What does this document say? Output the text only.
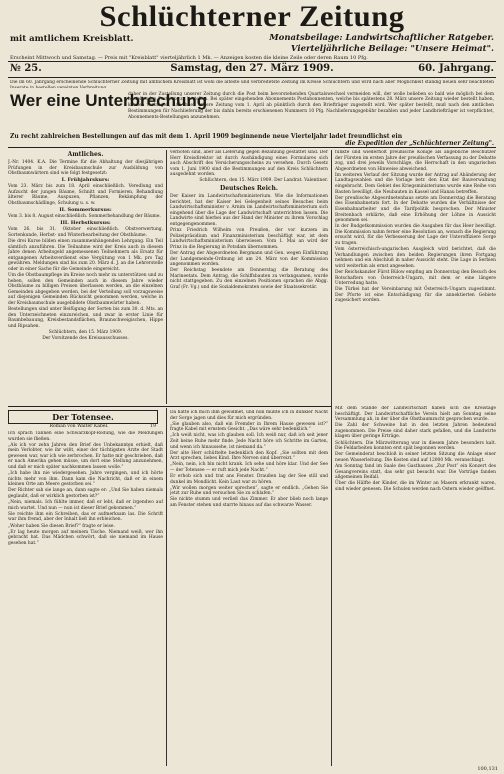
Schlüchterner Zeitung
mit amtlichem Kreisblatt.	Monatsbeilage: Landwirtschaftlicher Ratgeber.
Vierteljährliche Beilage: "Unsere Heimat".
Erscheint Mittwoch und Samstag. — Preis mit "Kreisblatt" vierteljährlich 1 Mk. — Anzeigen kosten die kleine Zeile oder deren Raum 10 Pfg.
№ 25.	Samstag, den 27. März 1909.	60. Jahrgang.

Die im 60. Jahrgang erscheinende Schlüchterner Zeitung mit amtlichem Kreisblatt ist wohl die älteste und verbreitetste Zeitung im Kreise Schlüchtern und wird nach aller Möglichkeit ständig neuen sehr beachteten

daher in der Zustellung unserer Zeitung durch die Post beim bevorstehenden Quartalswechsel vermeiden will, der wolle belieben so bald wie möglich bei dem bestellenden Postamte zu bestellen. Bei später eingehenden Abonnements Postabonnenten, welche bis spätestens 28. März unsere Zeitung wieder bestellt haben, können verlangen, daß ihnen unsere Zeitung vom 1. April ab pünktlich durch den Briefträger zugestellt wird. Wer später bestellt, muß nach den amtlichen Bestimmungen für Nachlieferung der bis dahin bereits erschienenen Nummern 10 Pfg. Nachlieferungsgebühr bezahlen und jeder Landbriefträger ist verpflichtet, Abonnements-Bestellungen anzunehmen.

Wer eine Unterbrechung
Zu recht zahlreichen Bestellungen auf das mit dem 1. April 1909 beginnende neue Vierteljahr ladet freundlichst ein
die Expedition der „Schlüchterner Zeitung".
Amtliches.

J.-Nr. 1404. K.A. Die Termine für die Abhaltung der diesjährigen Prüfungen in der Kreisbaumschule zur Ausbildung von Obstbaumwärtern sind wie folgt festgesetzt:

I. Frühjahrskurs:

Vom 23. März bis zum 18. April einschließlich. Veredlung und Aufzucht der jungen Bäume, Schnitt und Formieren, Behandlung älterer Bäume, Auspuzen, Pflanzen, Bekämpfung der Obstbaumschädlinge, Schulung u. s. w.

II. Sommerkursus:

Vom 3. bis 8. August einschließlich. Sommerbehandlung der Bäume.

III. Herbstkursus:

Vom 26. bis 31. Oktober einschließlich. Obstverwertung, Sortenkunde, Herbst- und Winterbearbeitung der Obstbäume.

Die drei Kurse bilden einen zusammenhängenden Lehrgang. Ein Teil sämtlich anzuführen. Die Teilnahme wird der Kreis auch in diesem Jahre denen Arbeitsgeld angemessenen Teilnehmern als Ersatz für entgangenen Arbeitsverdienst eine Vergütung von 1 Mk. pro Tag gewähren. Meldungen sind bis zum 20. März d. J. an die Lehrerstelle oder in einer Sache für die Gemeinde eingereicht.

Um die Obstbaumpflege im Kreise noch mehr zu unterstützen und zu heben, sollen den Gemeinden auch in diesem Jahre wieder Obstbäume zu billigen Preisen überlassen werden, an die einzelnen Gemeinden abgegeben werden, bei der Verteilung soll vorzugsweise auf diejenigen Gemeinden Rücksicht genommen werden, welche in der Kreisbaumschule ausgebildete Obstbaumwärter haben.

Bestellungen sind unter Beifügung der Sorten bis zum 30. d. Mts. an den Unterzeichneten einzureichen, und zwar in erster Linie für Baumbebauung, Kreisbestandsflächen, Braunschweigischen, Hippe und Ripsahen.

Schlüchtern, den 15. März 1909.

Der Vorsitzende des Kreisausschusses.

verboten sind, aber als Lieferung gegen Bezahlung gestattet sind. Der Herr Kreisdirektor ist durch Aushändigung eines Formulares sich auch Abschrift des Versicherungsscheins zu versehen. Durch Gesetz vom 1. Juni 1900 sind die Bestimmungen auf den Kreis Schlüchtern ausgedehnt worden.

Schlüchtern, den 15. März 1909. Der Landrat. Valentiner.

Deutsches Reich.

Der Kaiser im Landwirtschaftsministerium. Wie die Informationen berichtet, hat der Kaiser bei Gelegenheit seines Besuches beim Landwirtschaftsminister v. Arnim im Landwirtschaftsministerium sich eingehend über die Lage der Landwirtschaft unterrichten lassen. Die Landwirte sind hierbei aus der Hand der Minister zu ihrem Vorschlag entgegengenommen.

Prinz Friedrich Wilhelm von Preußen, der vor kurzem im Polizeipräsidium und Finanzministerium beschäftigt war, ist dem Landwirtschaftsministerium überwiesen. Vom 1. Mai an wird der Prinz in die Regierung in Potsdam übernommen.

Der Antrag der Abgeordneten Bergmann und Gen. wegen Einführung der Landgemeinde-Ordnung ist am 24. März von der Kommission angenommen worden.

Der Reichstag beendete am Donnerstag die Beratung des Marineetats. Dem Antrag, die Schiffsbauten zu verlangsamen, wurde nicht stattgegeben. Zu den einzelnen Positionen sprachen die Abgg. Graf (Fr. Vg.) und die Sozialdemokraten sowie der Staatssekretär.

funkte und wiederholt preußische Könige als angebliche Beschützer der Fürsten im ersten Jahre der preußischen Verfassung zu der Debatte zog, und drei jeweils Vorschläge, die Herrschaft in den ungarischen Abgeordneten von Hinweise abweichend.

Im weiteren Verlauf der Sitzung wurde der Antrag auf Abänderung der Landtagswahlen und die Vorlage betr. den Etat der Bauverwaltung eingebracht. Dem Gebiet des Kriegsministeriums wurde eine Reihe von Bauten bewilligt, die Neubauten in Kassel und Hanau betreffen.

Der preußische Abgeordnetenhaus setzte am Donnerstag die Beratung des Eisenbahnetats fort. In der Debatte wurden die Verhältnisse der Eisenbahnarbeiter und die Tarifpolitik besprochen. Der Minister Breitenbach erklärte, daß eine Erhöhung der Löhne in Aussicht genommen sei.

In der Budgetkommission wurden die Ausgaben für das Heer bewilligt. Die Kommission nahm ferner eine Resolution an, wonach die Regierung ersucht wird, für die Verbesserung der Lage der Unteroffiziere Sorge zu tragen.

Vom österreichisch-ungarischen Ausgleich wird berichtet, daß die Verhandlungen zwischen den beiden Regierungen ihren Fortgang nehmen und ein Abschluß in naher Aussicht steht. Die Lage in Serbien wird weiterhin als ernst angesehen.

Der Reichskanzler Fürst Bülow empfing am Donnerstag den Besuch des Botschafters von Österreich-Ungarn, mit dem er eine längere Unterredung hatte.

Die Türkei hat der Vereinbarung mit Österreich-Ungarn zugestimmt. Der Pforte ist eine Entschädigung für die annektierten Gebiete zugesichert worden.

Der Totensee.
Roman von Walter Kabel.	19

Ich sprach Tannen eine Schwarzkopf-Rodung, wie die Meldungen wurden sie fließen.

„Als ich vor zehn Jahren den Brief des Unbekannten erhielt, daß mein Verlobter, wie ihr wißt, einer der tüchtigsten Ärzte der Stadt gewesen war, war ich wie zerbrochen. Er hatte mir geschrieben, daß er nach Amerika gehen müsse, um dort eine Stellung anzunehmen, und daß er mich später nachkommen lassen wolle.“

„Ich habe ihn nie wiedergesehen. Jahre vergingen, und ich hörte nichts mehr von ihm. Dann kam die Nachricht, daß er in einem kleinen Orte am Meere gestorben sei.“

Der Richter sah sie lange an, dann sagte er: „Und Sie haben niemals geglaubt, daß er wirklich gestorben ist?“

„Nein, niemals. Ich fühlte immer, daß er lebt, daß er irgendwo auf mich wartet. Und nun — nun ist dieser Brief gekommen.“

Sie reichte ihm ein Schreiben, das er aufmerksam las. Die Schrift war ihm fremd, aber der Inhalt ließ ihn erbleichen.

„Woher haben Sie diesen Brief?“ fragte er leise.

„Er lag heute morgen auf meinem Tische. Niemand weiß, wer ihn gebracht hat. Das Mädchen schwört, daß sie niemand im Hause gesehen hat.“

Da hatte ich mich ihm gewidmet, und nun mußte ich in dunkler Nacht der Sorge jagen und dies für mich ergründen.

„Sie glauben also, daß ein Fremder in Ihrem Hause gewesen ist?“ fragte Kabel mit ernstem Gesicht. „Das wäre sehr bedenklich.“

„Ich weiß nicht, was ich glauben soll. Ich weiß nur, daß ich seit jener Zeit keine Ruhe mehr finde. Jede Nacht höre ich Schritte im Garten, und wenn ich hinaussehe, ist niemand da.“

Der alte Herr schüttelte bedenklich den Kopf. „Sie sollten mit dem Arzt sprechen, liebes Kind. Ihre Nerven sind überreizt.“

„Nein, nein, ich bin nicht krank. Ich sehe und höre klar. Und der See — der Totensee — er ruft mich jede Nacht.“

Er erhob sich und trat ans Fenster. Draußen lag der See still und dunkel im Mondlicht. Kein Laut war zu hören.

„Wir wollen morgen weiter sprechen“, sagte er endlich. „Gehen Sie jetzt zur Ruhe und versuchen Sie zu schlafen.“

Sie nickte stumm und verließ das Zimmer. Er aber blieb noch lange am Fenster stehen und starrte hinaus auf das schwarze Wasser.

Mit dem Stande der Landwirtschaft haben sich die Kreistage beschäftigt. Der Landwirtschaftliche Verein hielt am Sonntag seine Versammlung ab, in der über die Obstbaumzucht gesprochen wurde.

Die Zahl der Schweine hat in den letzten Jahren bedeutend zugenommen. Die Preise sind daher stark gefallen, und die Landwirte klagen über geringe Erträge.

Schlüchtern. Die Märzwitterung war in diesem Jahre besonders kalt. Die Feldarbeiten konnten erst spät begonnen werden.

Der Gemeinderat beschloß in seiner letzten Sitzung die Anlage einer neuen Wasserleitung. Die Kosten sind auf 12000 Mk. veranschlagt.

Am Sonntag fand im Saale des Gasthauses „Zur Post“ ein Konzert des Gesangvereins statt, das sehr gut besucht war. Die Vorträge fanden allgemeinen Beifall.

Über die Hälfte der Kinder, die im Winter an Masern erkrankt waren, sind wieder genesen. Die Schulen werden nach Ostern wieder geöffnet.

100,131
